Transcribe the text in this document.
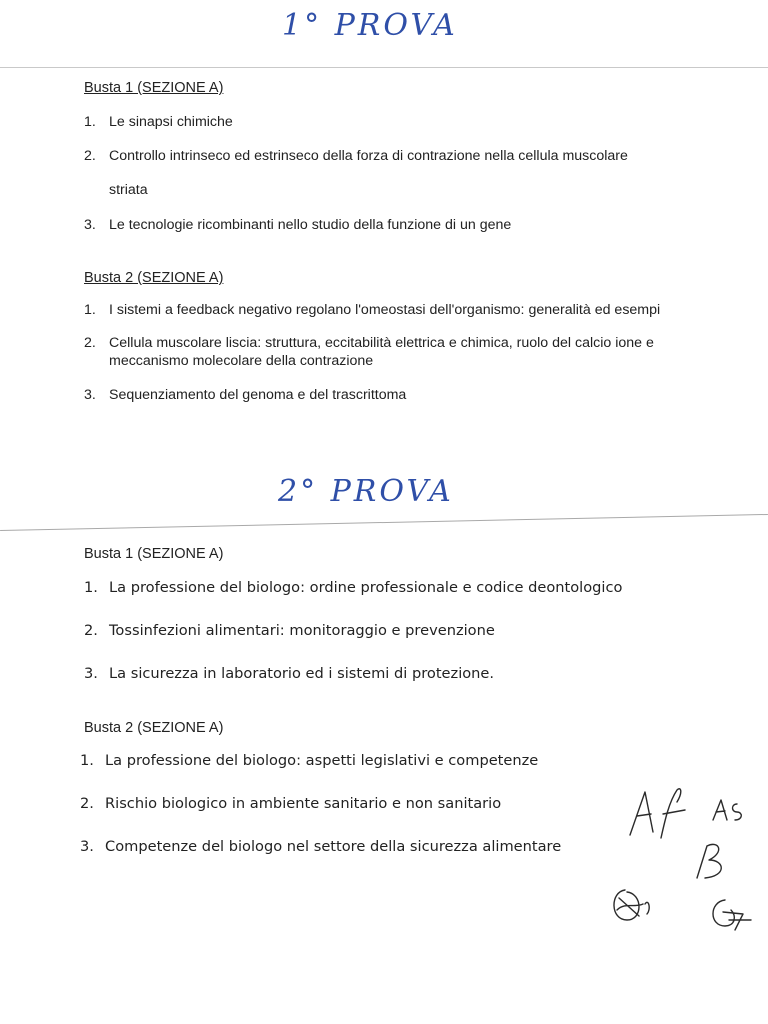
1° PROVA

Busta 1 (SEZIONE A)

1. Le sinapsi chimiche
2. Controllo intrinseco ed estrinseco della forza di contrazione nella cellula muscolare
striata
3. Le tecnologie ricombinanti nello studio della funzione di un gene

Busta 2 (SEZIONE A)

1. I sistemi a feedback negativo regolano l'omeostasi dell'organismo: generalità ed esempi
2. Cellula muscolare liscia: struttura, eccitabilità elettrica e chimica, ruolo del calcio ione e meccanismo molecolare della contrazione
3. Sequenziamento del genoma e del trascrittoma
2° PROVA

Busta 1 (SEZIONE A)

1. La professione del biologo: ordine professionale e codice deontologico
2. Tossinfezioni alimentari: monitoraggio e prevenzione
3. La sicurezza in laboratorio ed i sistemi di protezione.

Busta 2 (SEZIONE A)

1. La professione del biologo: aspetti legislativi e competenze
2. Rischio biologico in ambiente sanitario e non sanitario
3. Competenze del biologo nel settore della sicurezza alimentare
